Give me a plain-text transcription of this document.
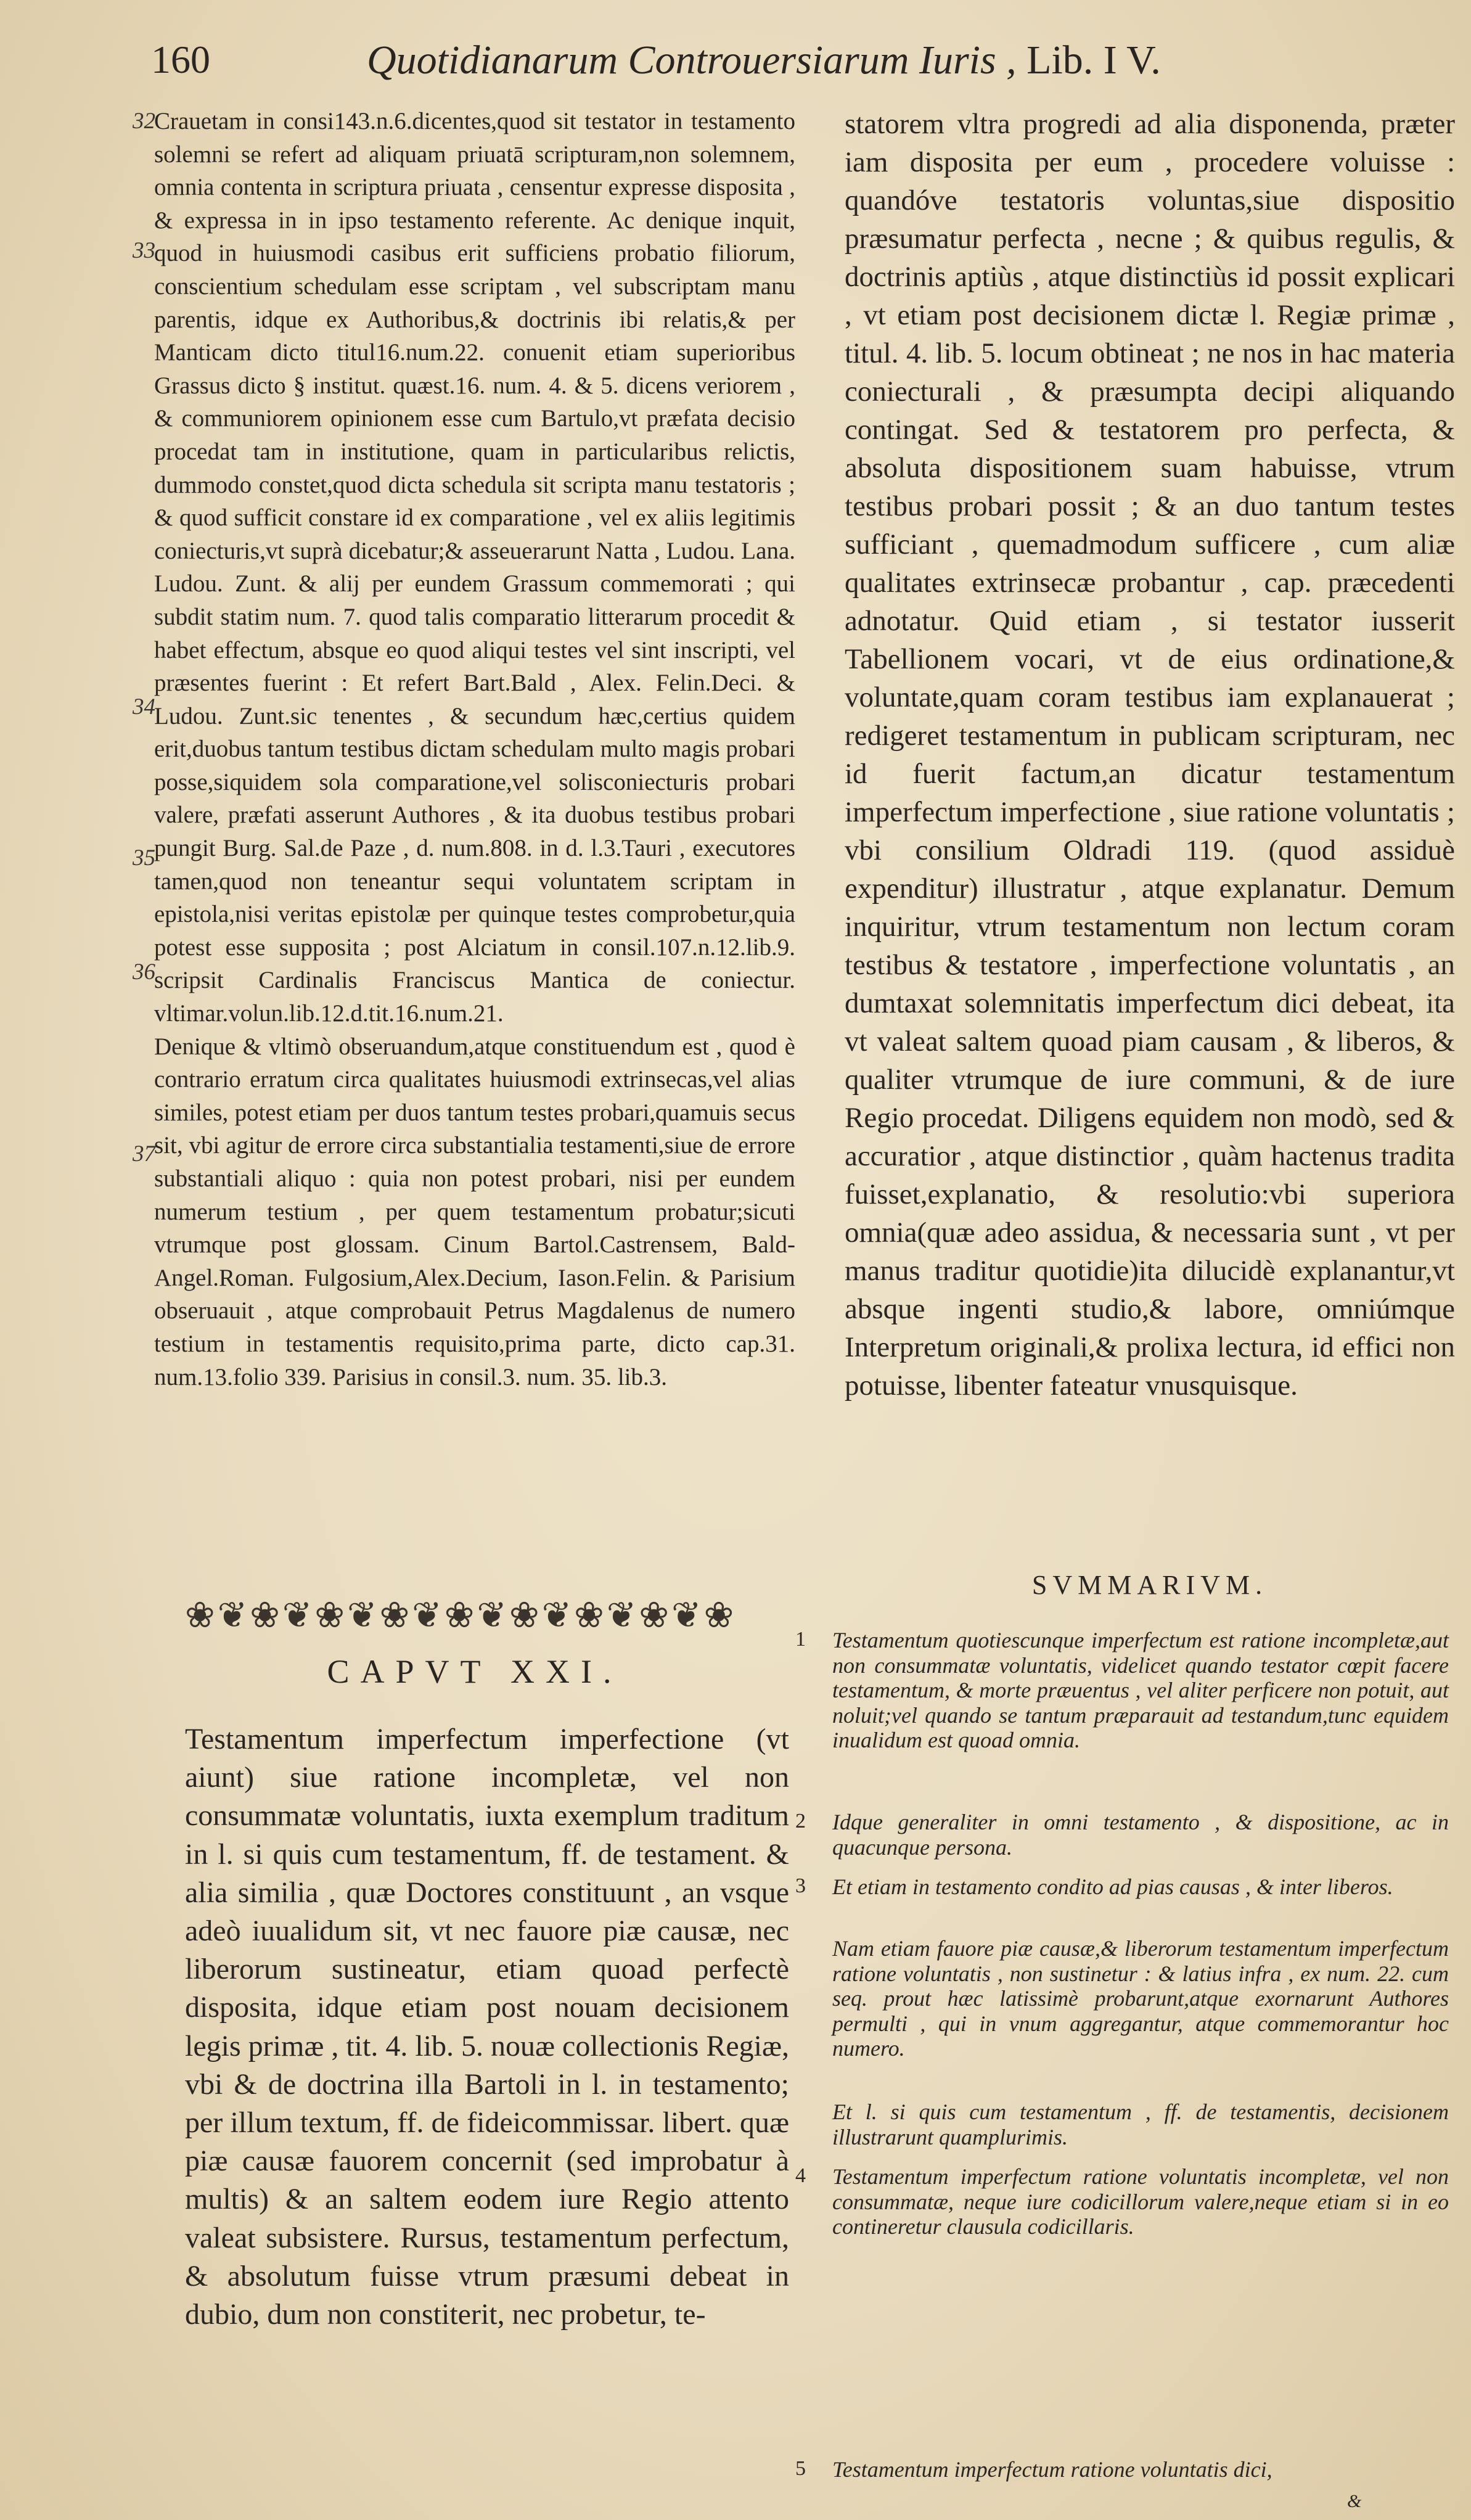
160	Quotidianarum Controuersiarum Iuris , Lib. I V.

Crauetam in consi143.n.6.dicentes,quod sit testator in testamento solemni se refert ad aliquam priuatā scripturam,non solemnem, omnia contenta in scriptura priuata , censentur expresse disposita , & expressa in in ipso testamento referente. Ac denique inquit, quod in huiusmodi casibus erit sufficiens probatio filiorum, conscientium schedulam esse scriptam , vel subscriptam manu parentis, idque ex Authoribus,& doctrinis ibi relatis,& per Manticam dicto titul16.num.22. conuenit etiam superioribus Grassus dicto § institut. quæst.16. num. 4. & 5. dicens veriorem , & communiorem opinionem esse cum Bartulo,vt præfata decisio procedat tam in institutione, quam in particularibus relictis, dummodo constet,quod dicta schedula sit scripta manu testatoris ; & quod sufficit constare id ex comparatione , vel ex aliis legitimis coniecturis,vt suprà dicebatur;& asseuerarunt Natta , Ludou. Lana. Ludou. Zunt. & alij per eundem Grassum commemorati ; qui subdit statim num. 7. quod talis comparatio litterarum procedit & habet effectum, absque eo quod aliqui testes vel sint inscripti, vel præsentes fuerint : Et refert Bart.Bald , Alex. Felin.Deci. & Ludou. Zunt.sic tenentes , & secundum hæc,certius quidem erit,duobus tantum testibus dictam schedulam multo magis probari posse,siquidem sola comparatione,vel solisconiecturis probari valere, præfati asserunt Authores , & ita duobus testibus probari pungit Burg. Sal.de Paze , d. num.808. in d. l.3.Tauri , executores tamen,quod non teneantur sequi voluntatem scriptam in epistola,nisi veritas epistolæ per quinque testes comprobetur,quia potest esse supposita ; post Alciatum in consil.107.n.12.lib.9. scripsit Cardinalis Franciscus Mantica de coniectur. vltimar.volun.lib.12.d.tit.16.num.21.

Denique & vltimò obseruandum,atque constituendum est , quod è contrario erratum circa qualitates huiusmodi extrinsecas,vel alias similes, potest etiam per duos tantum testes probari,quamuis secus sit, vbi agitur de errore circa substantialia testamenti,siue de errore substantiali aliquo : quia non potest probari, nisi per eundem numerum testium , per quem testamentum probatur;sicuti vtrumque post glossam. Cinum Bartol.Castrensem, Bald-Angel.Roman. Fulgosium,Alex.Decium, Iason.Felin. & Parisium obseruauit , atque comprobauit Petrus Magdalenus de numero testium in testamentis requisito,prima parte, dicto cap.31. num.13.folio 339. Parisius in consil.3. num. 35. lib.3.

32
33
34
35
36
37
❀❦❀❦❀❦❀❦❀❦❀❦❀❦❀❦❀
CAPVT XXI.

Testamentum imperfectum imperfectione (vt aiunt) siue ratione incompletæ, vel non consummatæ voluntatis, iuxta exemplum traditum in l. si quis cum testamentum, ff. de testament. & alia similia , quæ Doctores constituunt , an vsque adeò iuualidum sit, vt nec fauore piæ causæ, nec liberorum sustineatur, etiam quoad perfectè disposita, idque etiam post nouam decisionem legis primæ , tit. 4. lib. 5. nouæ collectionis Regiæ, vbi & de doctrina illa Bartoli in l. in testamento; per illum textum, ff. de fideicommissar. libert. quæ piæ causæ fauorem concernit (sed improbatur à multis) & an saltem eodem iure Regio attento valeat subsistere. Rursus, testamentum perfectum, & absolutum fuisse vtrum præsumi debeat in dubio, dum non constiterit, nec probetur, te-

statorem vltra progredi ad alia disponenda, præter iam disposita per eum , procedere voluisse : quandóve testatoris voluntas,siue dispositio præsumatur perfecta , necne ; & quibus regulis, & doctrinis aptiùs , atque distinctiùs id possit explicari , vt etiam post decisionem dictæ l. Regiæ primæ , titul. 4. lib. 5. locum obtineat ; ne nos in hac materia coniecturali , & præsumpta decipi aliquando contingat. Sed & testatorem pro perfecta, & absoluta dispositionem suam habuisse, vtrum testibus probari possit ; & an duo tantum testes sufficiant , quemadmodum sufficere , cum aliæ qualitates extrinsecæ probantur , cap. præcedenti adnotatur. Quid etiam , si testator iusserit Tabellionem vocari, vt de eius ordinatione,& voluntate,quam coram testibus iam explanauerat ; redigeret testamentum in publicam scripturam, nec id fuerit factum,an dicatur testamentum imperfectum imperfectione , siue ratione voluntatis ; vbi consilium Oldradi 119. (quod assiduè expenditur) illustratur , atque explanatur. Demum inquiritur, vtrum testamentum non lectum coram testibus & testatore , imperfectione voluntatis , an dumtaxat solemnitatis imperfectum dici debeat, ita vt valeat saltem quoad piam causam , & liberos, & qualiter vtrumque de iure communi, & de iure Regio procedat. Diligens equidem non modò, sed & accuratior , atque distinctior , quàm hactenus tradita fuisset,explanatio, & resolutio:vbi superiora omnia(quæ adeo assidua, & necessaria sunt , vt per manus traditur quotidie)ita dilucidè explanantur,vt absque ingenti studio,& labore, omniúmque Interpretum originali,& prolixa lectura, id effici non potuisse, libenter fateatur vnusquisque.

SVMMARIVM.
1	Testamentum quotiescunque imperfectum est ratione incompletæ,aut non consummatæ voluntatis, videlicet quando testator cœpit facere testamentum, & morte præuentus , vel aliter perficere non potuit, aut noluit;vel quando se tantum præparauit ad testandum,tunc equidem inualidum est quoad omnia.
2	Idque generaliter in omni testamento , & dispositione, ac in quacunque persona.
3	Et etiam in testamento condito ad pias causas , & inter liberos.
Nam etiam fauore piæ causæ,& liberorum testamentum imperfectum ratione voluntatis , non sustinetur : & latius infra , ex num. 22. cum seq. prout hæc latissimè probarunt,atque exornarunt Authores permulti , qui in vnum aggregantur, atque commemorantur hoc numero.
Et l. si quis cum testamentum , ff. de testamentis, decisionem illustrarunt quamplurimis.
4	Testamentum imperfectum ratione voluntatis incompletæ, vel non consummatæ, neque iure codicillorum valere,neque etiam si in eo contineretur clausula codicillaris.
5	Testamentum imperfectum ratione voluntatis dici,
&
